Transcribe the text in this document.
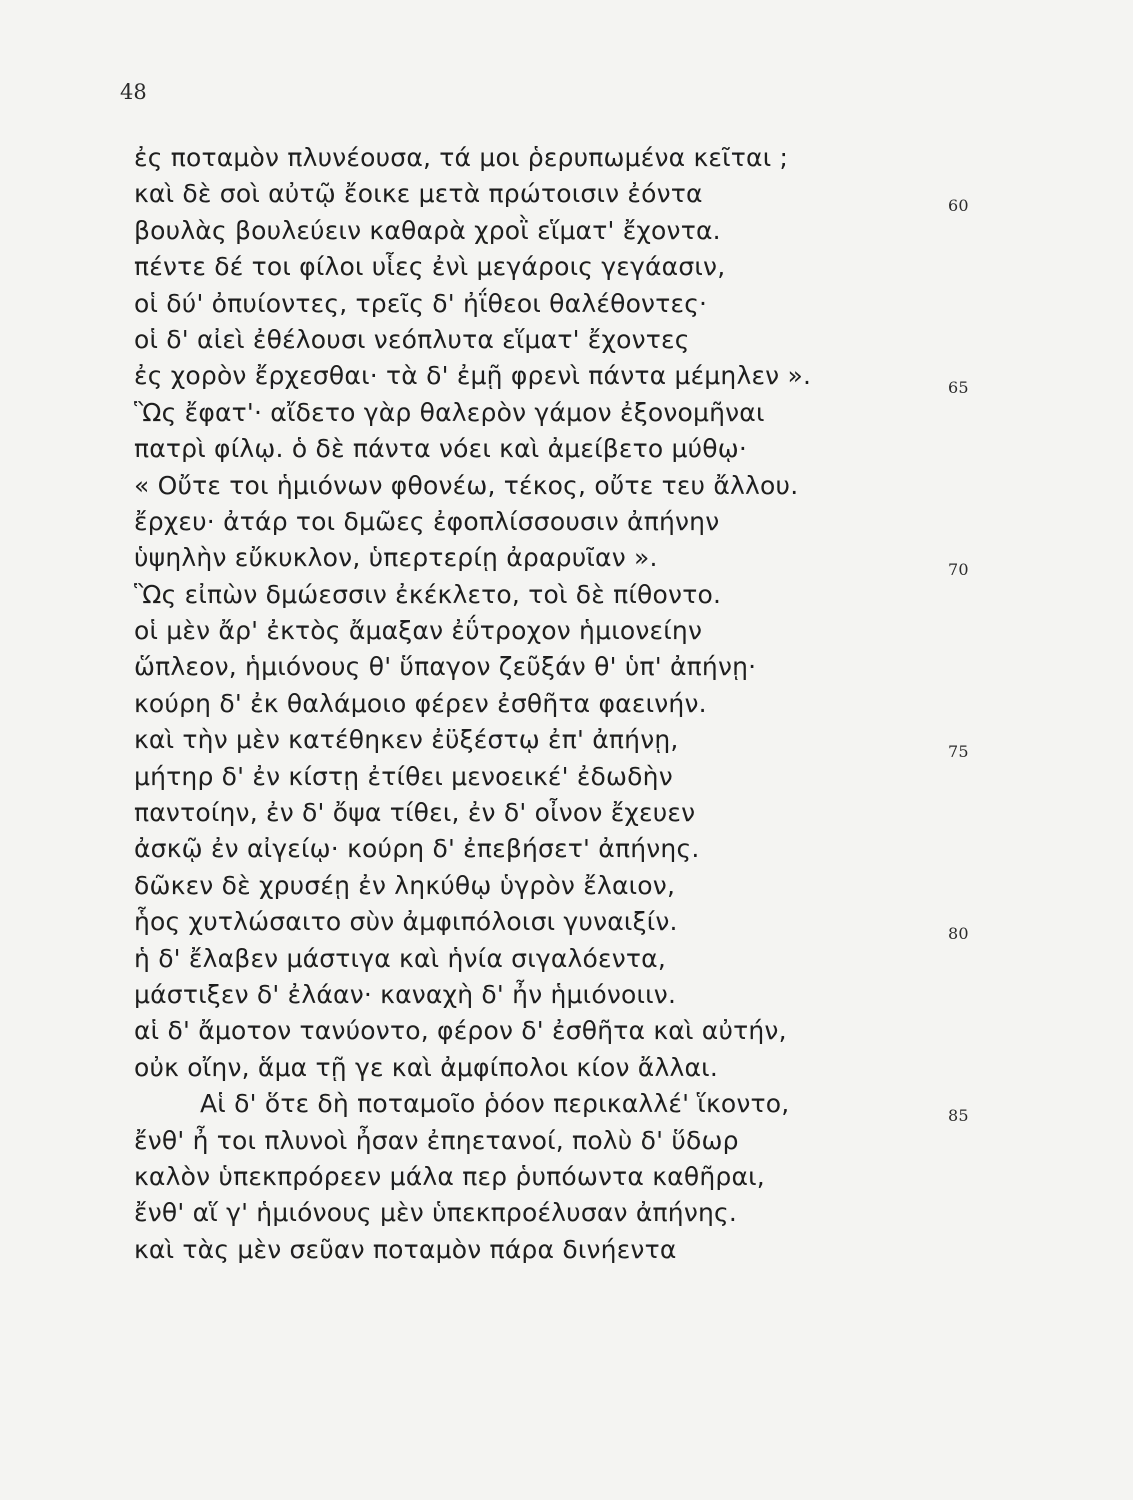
48
ἐς ποταμὸν πλυνέουσα, τά μοι ῥερυπωμένα κεῖται ;
καὶ δὲ σοὶ αὐτῷ ἔοικε μετὰ πρώτοισιν ἐόντα	60
βουλὰς βουλεύειν καθαρὰ χροῒ εἵματ' ἔχοντα.
πέντε δέ τοι φίλοι υἷες ἐνὶ μεγάροις γεγάασιν,
οἱ δύ' ὀπυίοντες, τρεῖς δ' ἠΐθεοι θαλέθοντες·
οἱ δ' αἰεὶ ἐθέλουσι νεόπλυτα εἵματ' ἔχοντες
ἐς χορὸν ἔρχεσθαι· τὰ δ' ἐμῇ φρενὶ πάντα μέμηλεν ».	65
Ὣς ἔφατ'· αἴδετο γὰρ θαλερὸν γάμον ἐξονομῆναι
πατρὶ φίλῳ. ὁ δὲ πάντα νόει καὶ ἀμείβετο μύθῳ·
« Οὔτε τοι ἡμιόνων φθονέω, τέκος, οὔτε τευ ἄλλου.
ἔρχευ· ἀτάρ τοι δμῶες ἐφοπλίσσουσιν ἀπήνην
ὑψηλὴν εὔκυκλον, ὑπερτερίῃ ἀραρυῖαν ».	70
Ὣς εἰπὼν δμώεσσιν ἐκέκλετο, τοὶ δὲ πίθοντο.
οἱ μὲν ἄρ' ἐκτὸς ἄμαξαν ἐΰτροχον ἡμιονείην
ὥπλεον, ἡμιόνους θ' ὕπαγον ζεῦξάν θ' ὑπ' ἀπήνῃ·
κούρη δ' ἐκ θαλάμοιο φέρεν ἐσθῆτα φαεινήν.
καὶ τὴν μὲν κατέθηκεν ἐϋξέστῳ ἐπ' ἀπήνῃ,	75
μήτηρ δ' ἐν κίστῃ ἐτίθει μενοεικέ' ἐδωδὴν
παντοίην, ἐν δ' ὄψα τίθει, ἐν δ' οἶνον ἔχευεν
ἀσκῷ ἐν αἰγείῳ· κούρη δ' ἐπεβήσετ' ἀπήνης.
δῶκεν δὲ χρυσέῃ ἐν ληκύθῳ ὑγρὸν ἔλαιον,
ἧος χυτλώσαιτο σὺν ἀμφιπόλοισι γυναιξίν.	80
ἡ δ' ἔλαβεν μάστιγα καὶ ἡνία σιγαλόεντα,
μάστιξεν δ' ἐλάαν· καναχὴ δ' ἦν ἡμιόνοιιν.
αἱ δ' ἄμοτον τανύοντο, φέρον δ' ἐσθῆτα καὶ αὐτήν,
οὐκ οἴην, ἅμα τῇ γε καὶ ἀμφίπολοι κίον ἄλλαι.
Αἱ δ' ὅτε δὴ ποταμοῖο ῥόον περικαλλέ' ἵκοντο,	85
ἔνθ' ἦ τοι πλυνοὶ ἦσαν ἐπηετανοί, πολὺ δ' ὕδωρ
καλὸν ὑπεκπρόρεεν μάλα περ ῥυπόωντα καθῆραι,
ἔνθ' αἵ γ' ἡμιόνους μὲν ὑπεκπροέλυσαν ἀπήνης.
καὶ τὰς μὲν σεῦαν ποταμὸν πάρα δινήεντα
